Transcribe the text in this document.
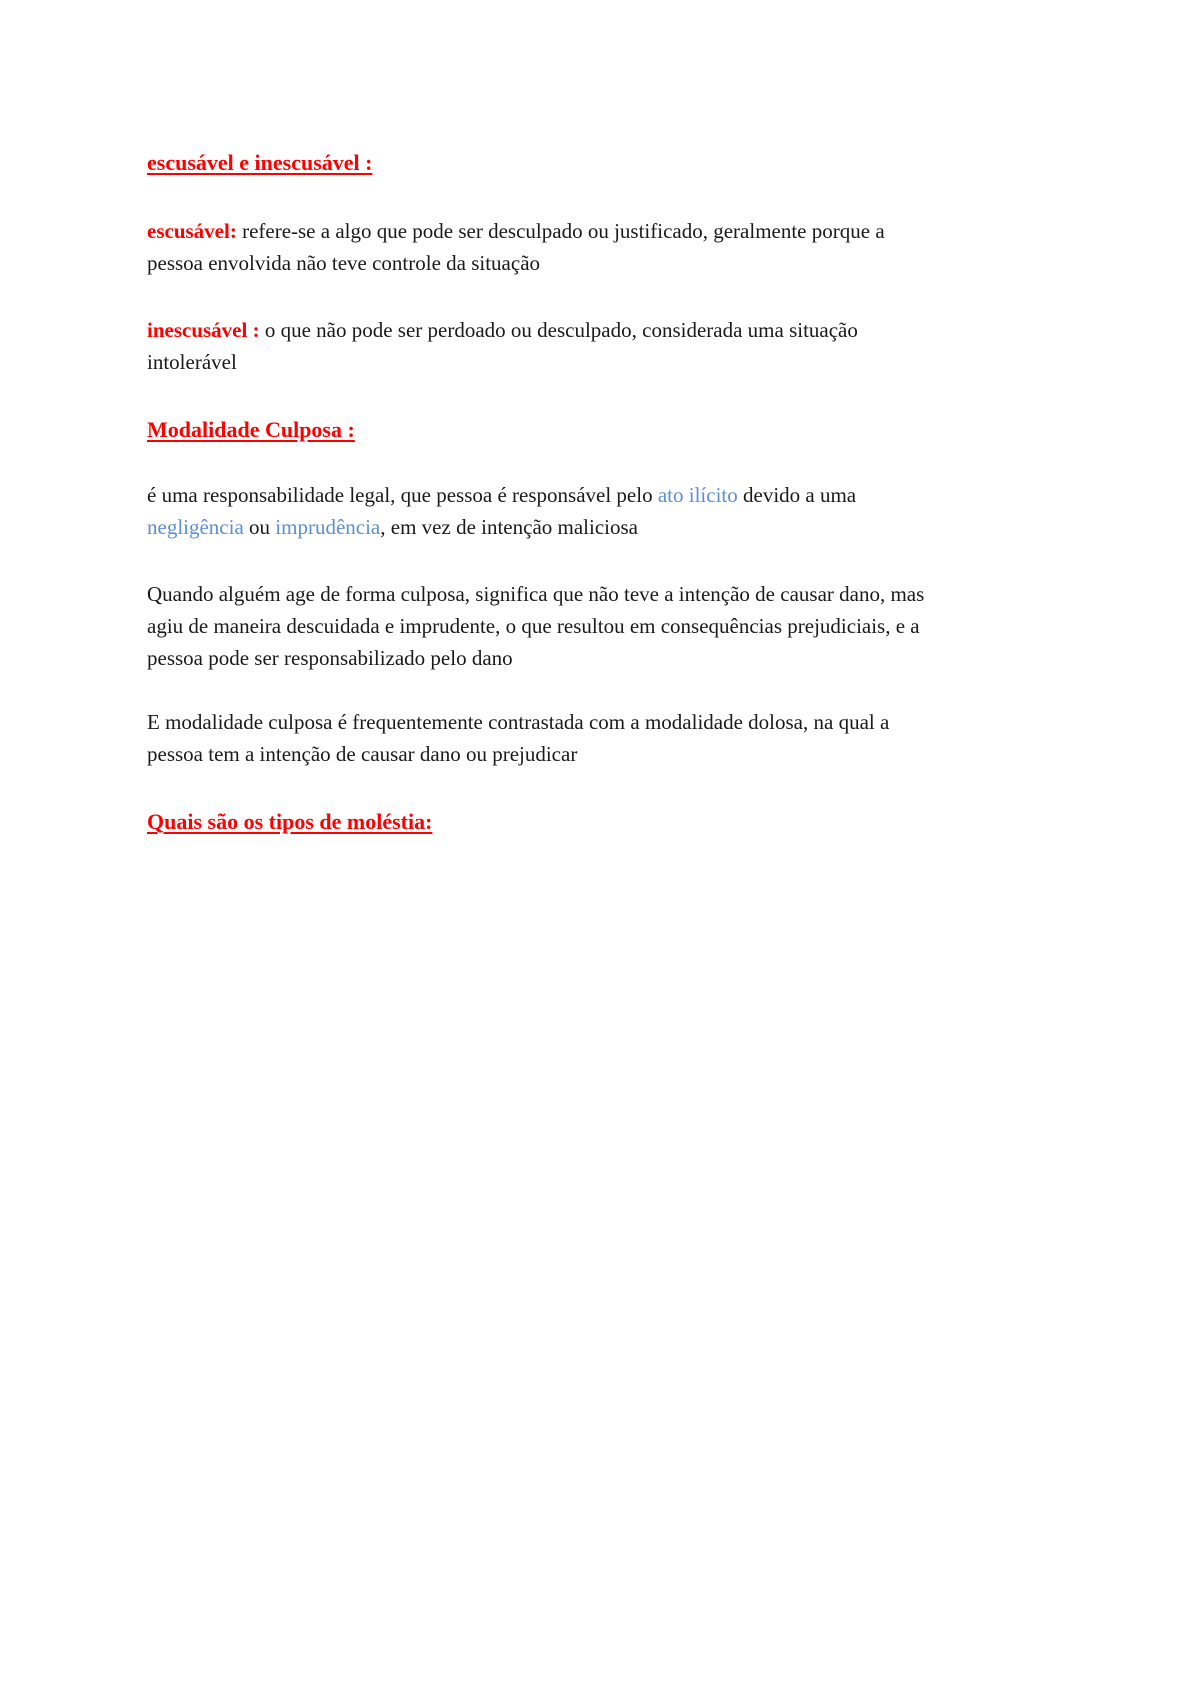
escusável e inescusável :
escusável: refere-se a algo que pode ser desculpado ou justificado, geralmente porque a
pessoa envolvida não teve controle da situação
inescusável : o que não pode ser perdoado ou desculpado, considerada uma situação
intolerável
Modalidade Culposa :
é uma responsabilidade legal, que pessoa é responsável pelo ato ilícito devido a uma
negligência ou imprudência, em vez de intenção maliciosa
Quando alguém age de forma culposa, significa que não teve a intenção de causar dano, mas
agiu de maneira descuidada e imprudente, o que resultou em consequências prejudiciais, e a
pessoa pode ser responsabilizado pelo dano
E modalidade culposa é frequentemente contrastada com a modalidade dolosa, na qual a
pessoa tem a intenção de causar dano ou prejudicar
Quais são os tipos de moléstia:
